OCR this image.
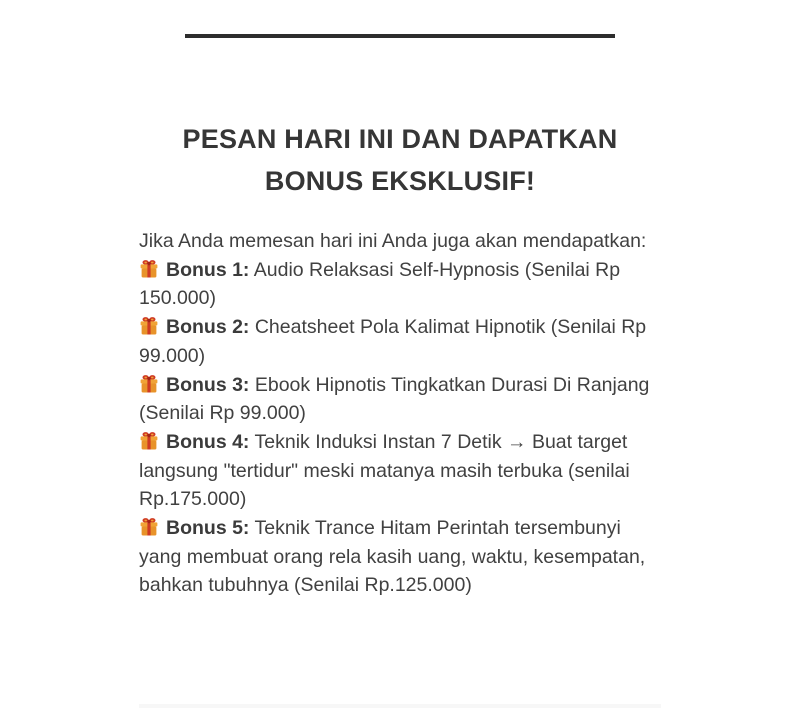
PESAN HARI INI DAN DAPATKAN BONUS EKSKLUSIF!

Jika Anda memesan hari ini Anda juga akan mendapatkan:

Bonus 1: Audio Relaksasi Self-Hypnosis (Senilai Rp 150.000)

Bonus 2: Cheatsheet Pola Kalimat Hipnotik (Senilai Rp 99.000)

Bonus 3: Ebook Hipnotis Tingkatkan Durasi Di Ranjang (Senilai Rp 99.000)

Bonus 4: Teknik Induksi Instan 7 Detik → Buat target langsung "tertidur" meski matanya masih terbuka (senilai Rp.175.000)

Bonus 5: Teknik Trance Hitam Perintah tersembunyi yang membuat orang rela kasih uang, waktu, kesempatan, bahkan tubuhnya (Senilai Rp.125.000)
